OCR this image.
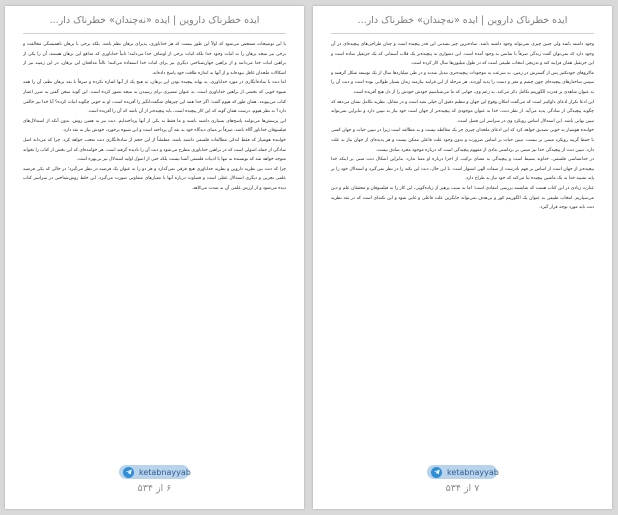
ایده خطرناک داروین | ایده «نه‌چندان» خطرناک دار...

با این توضیحات مشخص می‌شود که اولاً این طور نیست که هر خداباوری، پذیرای برهان نظم باشد. بلکه برخی با برهان ناهمیشگی مخالفت و برخی نیز نتیجه برهان را نه اثبات وجود خدا بلکه اثبات برخی از اوصاف خدا می‌دانند؛ ثانیاً خداباوری که مدافع این برهان هستند، آن را یکی از براهین اثبات خدا می‌دانند و از براهین جهان‌شناختی دیگری نیز برای اثبات خدا استفاده می‌کنند؛ ثالثاً مدافعان این برهان، در این زمینه نیز از اشکالات ملحدان غافل نبوده‌اند و از آنها به اندازه طاقت خود پاسخ داده‌اند.

اما دنت با ساده‌انگاری در مورد خداباوری، به بهانه پیچیده بودن این برهان، به هیچ یک از آنها اشاره نکرده و صرفاً با نقد برهان نظم، آن را همه شیوه خوبی که بخشی از براهین خداباوری است، به عنوان مسیری برای رسیدن به نتیجه تصور کرده است. این گونه سخن گفتن به ضرر اعتبار کتاب می‌پیوندد. همان طور که هیوم گفت: اگر خدا همه این چیزهای شگفت‌انگیز را آفریده است، او به خوبی چگونه اثبات کرده؟ آیا خدا نیز خالقی دارد؟ به نظر هیوم، درست همان گونه که این کار پیچیده است، باید پیچیده‌تر از آن باشد که آن را آفریده است.

این پرسش‌ها می‌توانند پاسخ‌های بسیاری داشته باشند و ما فقط به یکی از آنها پرداخته‌ایم. دنت نیز به همین روش، بدون آنکه از استدلال‌های فیلسوفان خداباور آگاه باشد، صرفاً بر مبنای دیدگاه خود به نقد آن پرداخته است و این شیوه برخورد، خودش نیاز به نقد دارد.

خواننده هوشیار که فقط اندکی مطالعات فلسفی داشته باشد، مطمئناً از این حجم از ساده‌انگاری دنت تعجب خواهد کرد. چرا که می‌داند اصل سادگی از جمله اصولی است که در براهین خداباوری مطرح می‌شود و دنت آن را نادیده گرفته است. هر خواننده‌ای که این بخش از کتاب را بخواند متوجه خواهد شد که نویسنده نه تنها با ادبیات فلسفی آشنا نیست بلکه حتی از اصول اولیه استدلال نیز بی‌بهره است.

چرا که دنت بین نظریه داروین و نظریه خداباوری هیچ فرقی نمی‌گذارد و هر دو را به عنوان یک فرضیه در نظر می‌گیرد؛ در حالی که یکی فرضیه علمی تجربی و دیگری استدلال عقلی است و قضاوت درباره آنها با معیارهای متفاوتی صورت می‌گیرد. این خلط روش‌شناختی در سراسر کتاب دیده می‌شود و از ارزش علمی آن به شدت می‌کاهد.

ketabnayyab
۶ از ۵۳۴
ایده خطرناک داروین | ایده «نه‌چندان» خطرناک دار...

وجود داشته باشد ولی چنین چیزی نمی‌تواند وجود داشته باشد. ساده‌ترین چیز نشدنی این قدر پیچیده است و چنان طراحی‌های پیچیده‌ای در آن وجود دارد که نمی‌توان گفت زندگی صرفاً با شانس به وجود آمده است. این دشواری نه پیچیده‌تر یک قلاب آسمانی که یک جرثقیل ساده است و این جرثقیل همان فرایند کند و تدریجی انتخاب طبیعی است که در طول میلیون‌ها سال کار کرده است.

ماکروهای خودتکثیر پس از گسترش در زمین، به سرعت به موجودات پیچیده‌تری تبدیل شدند و در طی میلیاردها سال از یک توسعه شکل گرفتند و سپس ساختارهای پیچیده‌ای چون چشم و مغز و دست را پدید آوردند. هر مرحله از این فرایند نیازمند زمان بسیار طولانی بوده است و دنت آن را به عنوان شاهدی بر قدرت الگوریتم تکامل ذکر می‌کند. به زعم وی، جهانی که ما می‌شناسیم خودش خودش را از دل هیچ آفریده است.

این ادعا تکرار ادعای داوکینز است که می‌گفت امکان وقوع این جهان و تنظیم دقیق آن خیلی بعید است و در مقابل، نظریه تکامل نشان می‌دهد که چگونه پیچیدگی از سادگی پدید می‌آید. از نظر دنت، خدا به عنوان موجودی که پیچیده‌تر از جهان است خود نیاز به تبیین دارد و بنابراین نمی‌تواند تبیین نهایی باشد. این استدلال اساس رویکرد وی در سراسر این فصل است.

خواننده هوشیار به خوبی تصدیق خواهد کرد که این ادعای ملحدان چیزی جز یک مغالطه نیست و به مطالعه است زیرا در تبیین حیات و جهان کسی با حفظ گزینه رویکرد مبتنی بر نیست. تبیین حیات بر اساس ضرورت و بدون وجود علت فاعلی ممکن نیست و هر پدیده‌ای از جهان نیاز به علت دارد. تبیین دنت از پیچیدگی خدا نیز مبتنی بر برداشتی مادی از مفهوم پیچیدگی است که درباره موجود مجرد صادق نیست.

در خداشناسی فلسفی، خداوند بسیط است و پیچیدگی به معنای ترکیب از اجزا درباره او معنا ندارد. بنابراین اشکال دنت مبنی بر اینکه خدا پیچیده‌تر از جهان است از اساس بر فهم نادرست از صفات الهی استوار است. با این حال، دنت این نکته را در نظر نمی‌گیرد و استدلال خود را بر پایه تشبیه خدا به یک ماشین پیچیده بنا می‌کند که خود نیاز به طراح دارد.

عبارت زیادی در این کتاب هست که شایسته بررسی انتقادی است؛ اما به سبب پرهیز از زیاده‌گویی، این کار را به فیلسوفان و محققان علم و دین می‌سپاریم. انتخاب طبیعی به عنوان یک الگوریتم کور و بی‌هدف نمی‌تواند جایگزین علت فاعلی و غایی شود و این نکته‌ای است که در نقد نظریه دنت باید مورد توجه قرار گیرد.

ketabnayyab
۷ از ۵۳۴
